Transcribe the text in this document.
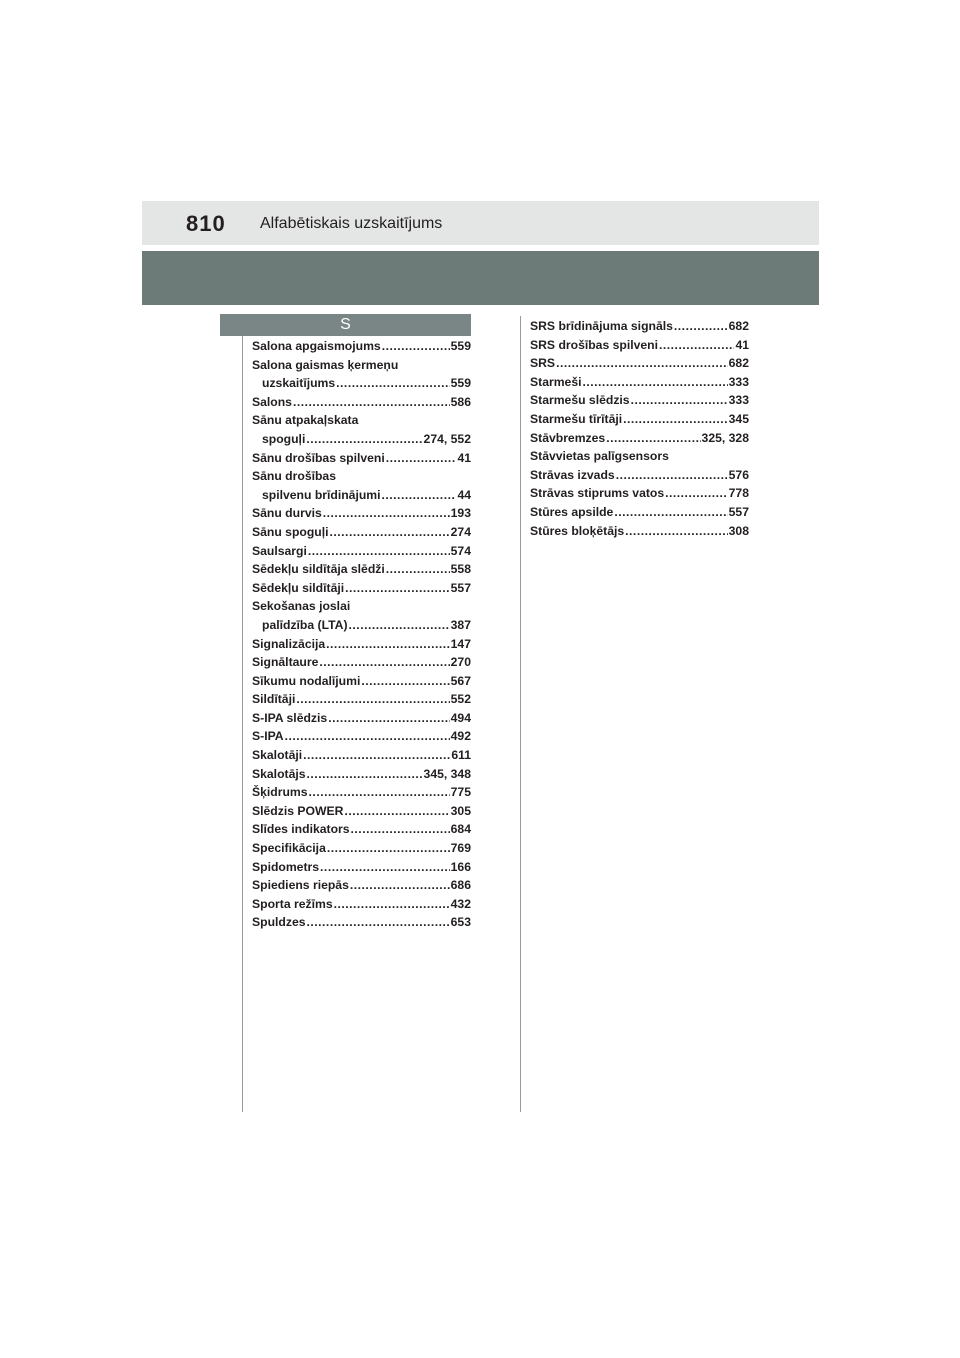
810 Alfabētiskais uzskaitījums
S
Salona apgaismojums .....	559
Salona gaismas ķermeņu
uzskaitījums .....	559
Salons .....	586
Sānu atpakaļskata
spoguļi .....	274, 552
Sānu drošības spilveni .....	41
Sānu drošības
spilvenu brīdinājumi .....	44
Sānu durvis .....	193
Sānu spoguļi .....	274
Saulsargi .....	574
Sēdekļu sildītāja slēdži .....	558
Sēdekļu sildītāji .....	557
Sekošanas joslai
palīdzība (LTA) .....	387
Signalizācija .....	147
Signāltaure .....	270
Sīkumu nodalījumi .....	567
Sildītāji .....	552
S-IPA slēdzis .....	494
S-IPA .....	492
Skalotāji .....	611
Skalotājs .....	345, 348
Šķidrums .....	775
Slēdzis POWER .....	305
Slīdes indikators .....	684
Specifikācija .....	769
Spidometrs .....	166
Spiediens riepās .....	686
Sporta režīms .....	432
Spuldzes .....	653
SRS brīdinājuma signāls .....	682
SRS drošības spilveni .....	41
SRS .....	682
Starmeši .....	333
Starmešu slēdzis .....	333
Starmešu tīrītāji .....	345
Stāvbremzes .....	325, 328
Stāvvietas palīgsensors
Strāvas izvads .....	576
Strāvas stiprums vatos .....	778
Stūres apsilde .....	557
Stūres bloķētājs .....	308
